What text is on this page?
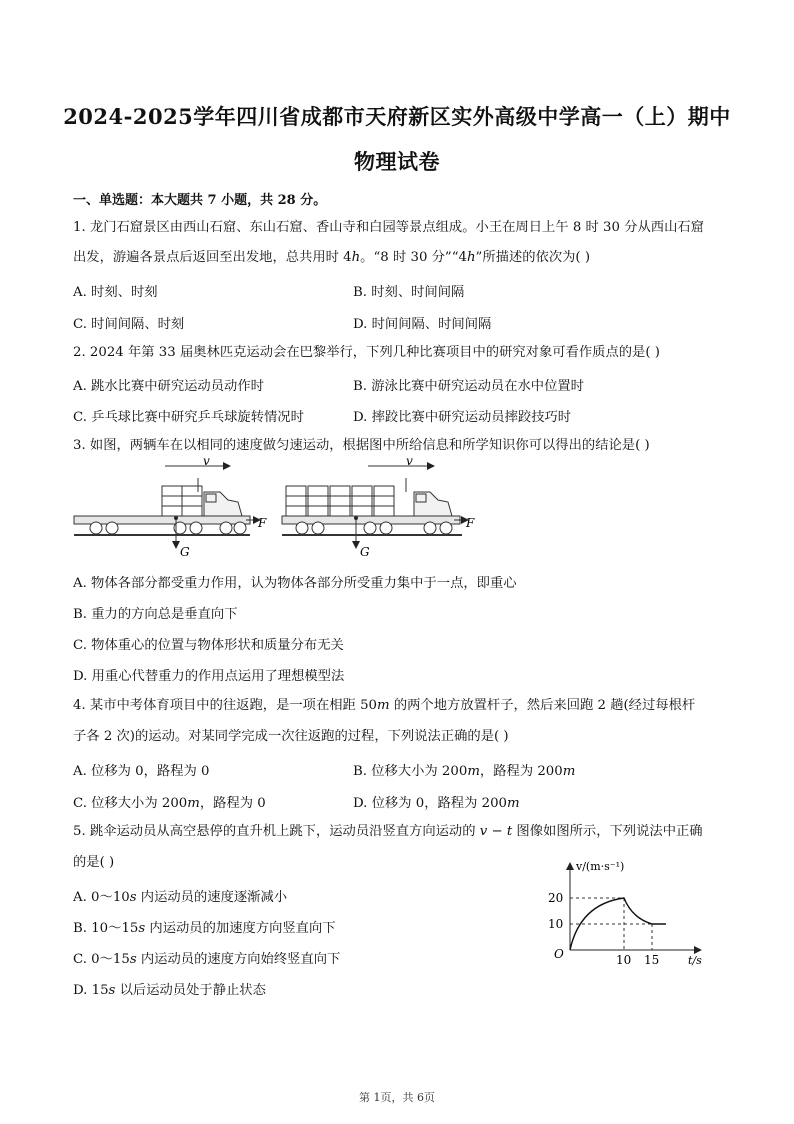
2024-2025学年四川省成都市天府新区实外高级中学高一（上）期中
物理试卷
一、单选题：本大题共 7 小题，共 28 分。
1. 龙门石窟景区由西山石窟、东山石窟、香山寺和白园等景点组成。小王在周日上午 8 时 30 分从西山石窟
出发，游遍各景点后返回至出发地，总共用时 4ℎ。“8 时 30 分”“4ℎ”所描述的依次为( )
A. 时刻、时刻	B. 时刻、时间间隔
C. 时间间隔、时刻	D. 时间间隔、时间间隔
2. 2024 年第 33 届奥林匹克运动会在巴黎举行，下列几种比赛项目中的研究对象可看作质点的是( )
A. 跳水比赛中研究运动员动作时	B. 游泳比赛中研究运动员在水中位置时
C. 乒乓球比赛中研究乒乓球旋转情况时	D. 摔跤比赛中研究运动员摔跤技巧时
3. 如图，两辆车在以相同的速度做匀速运动，根据图中所给信息和所学知识你可以得出的结论是( )
v
F
G
v
F
G
A. 物体各部分都受重力作用，认为物体各部分所受重力集中于一点，即重心
B. 重力的方向总是垂直向下
C. 物体重心的位置与物体形状和质量分布无关
D. 用重心代替重力的作用点运用了理想模型法
4. 某市中考体育项目中的往返跑，是一项在相距 50𝑚 的两个地方放置杆子，然后来回跑 2 趟(经过每根杆
子各 2 次)的运动。对某同学完成一次往返跑的过程，下列说法正确的是( )
A. 位移为 0，路程为 0	B. 位移大小为 200𝑚，路程为 200𝑚
C. 位移大小为 200𝑚，路程为 0	D. 位移为 0，路程为 200𝑚
5. 跳伞运动员从高空悬停的直升机上跳下，运动员沿竖直方向运动的 𝑣 − 𝑡 图像如图所示，下列说法中正确
的是( )
A. 0～10𝑠 内运动员的速度逐渐减小
B. 10～15𝑠 内运动员的加速度方向竖直向下
C. 0～15𝑠 内运动员的速度方向始终竖直向下
D. 15𝑠 以后运动员处于静止状态
v/(m·s⁻¹)
20
10
O	10 15	t/s
第 1页，共 6页
